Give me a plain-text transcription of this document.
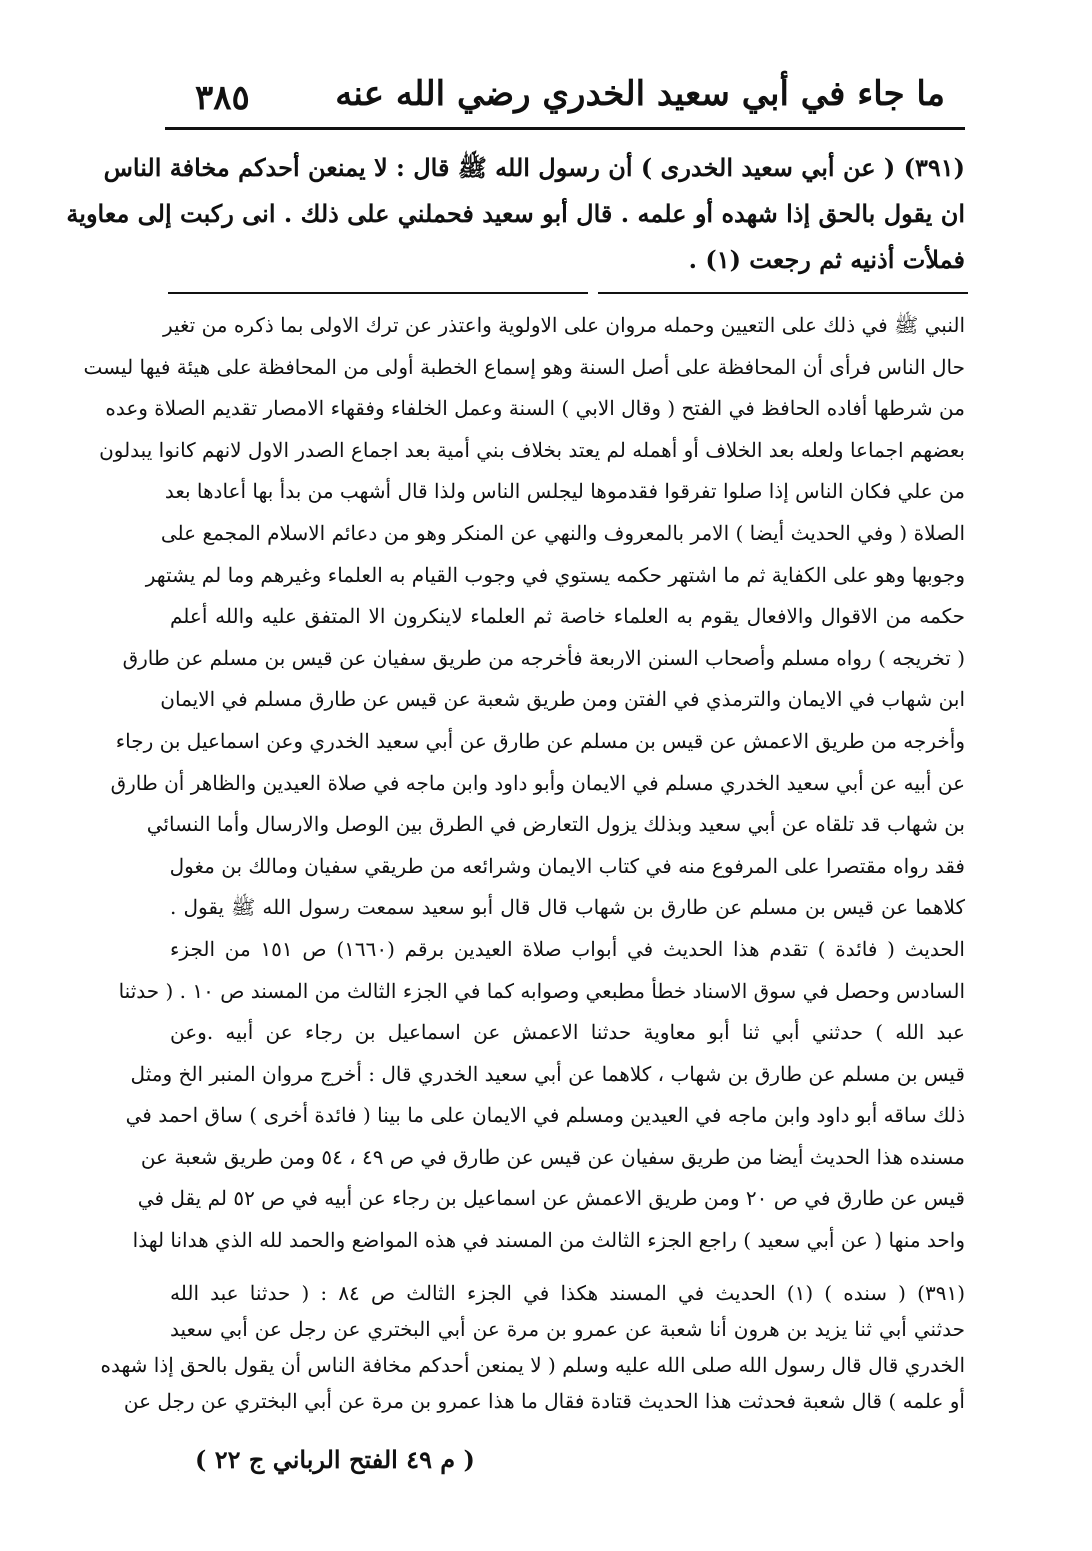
٣٨٥	ما جاء في أبي سعيد الخدري رضي الله عنه

(٣٩١) ( عن أبي سعيد الخدرى ) أن رسول الله ﷺ قال : لا يمنعن أحدكم مخافة الناس

ان يقول بالحق إذا شهده أو علمه . قال أبو سعيد فحملني على ذلك . انى ركبت إلى معاوية

فملأت أذنيه ثم رجعت (١) .

النبي ﷺ في ذلك على التعيين وحمله مروان على الاولوية واعتذر عن ترك الاولى بما ذكره من تغير

حال الناس فرأى أن المحافظة على أصل السنة وهو إسماع الخطبة أولى من المحافظة على هيئة فيها ليست

من شرطها أفاده الحافظ في الفتح ( وقال الابي ) السنة وعمل الخلفاء وفقهاء الامصار تقديم الصلاة وعده

بعضهم اجماعا ولعله بعد الخلاف أو أهمله لم يعتد بخلاف بني أمية بعد اجماع الصدر الاول لانهم كانوا يبدلون

من علي فكان الناس إذا صلوا تفرقوا فقدموها ليجلس الناس ولذا قال أشهب من بدأ بها أعادها بعد

الصلاة ( وفي الحديث أيضا ) الامر بالمعروف والنهي عن المنكر وهو من دعائم الاسلام المجمع على

وجوبها وهو على الكفاية ثم ما اشتهر حكمه يستوي في وجوب القيام به العلماء وغيرهم وما لم يشتهر

حكمه من الاقوال والافعال يقوم به العلماء خاصة ثم العلماء لاينكرون الا المتفق عليه والله أعلم

( تخريجه ) رواه مسلم وأصحاب السنن الاربعة فأخرجه من طريق سفيان عن قيس بن مسلم عن طارق

ابن شهاب في الايمان والترمذي في الفتن ومن طريق شعبة عن قيس عن طارق مسلم في الايمان

وأخرجه من طريق الاعمش عن قيس بن مسلم عن طارق عن أبي سعيد الخدري وعن اسماعيل بن رجاء

عن أبيه عن أبي سعيد الخدري مسلم في الايمان وأبو داود وابن ماجه في صلاة العيدين والظاهر أن طارق

بن شهاب قد تلقاه عن أبي سعيد وبذلك يزول التعارض في الطرق بين الوصل والارسال وأما النسائي

فقد رواه مقتصرا على المرفوع منه في كتاب الايمان وشرائعه من طريقي سفيان ومالك بن مغول

كلاهما عن قيس بن مسلم عن طارق بن شهاب قال قال أبو سعيد سمعت رسول الله ﷺ يقول .

الحديث ( فائدة ) تقدم هذا الحديث في أبواب صلاة العيدين برقم (١٦٦٠) ص ١٥١ من الجزء

السادس وحصل في سوق الاسناد خطأ مطبعي وصوابه كما في الجزء الثالث من المسند ص ١٠ . ( حدثنا

عبد الله ) حدثني أبي ثنا أبو معاوية حدثنا الاعمش عن اسماعيل بن رجاء عن أبيه .وعن

قيس بن مسلم عن طارق بن شهاب ، كلاهما عن أبي سعيد الخدري قال : أخرج مروان المنبر الخ ومثل

ذلك ساقه أبو داود وابن ماجه في العيدين ومسلم في الايمان على ما بينا ( فائدة أخرى ) ساق احمد في

مسنده هذا الحديث أيضا من طريق سفيان عن قيس عن طارق في ص ٤٩ ، ٥٤ ومن طريق شعبة عن

قيس عن طارق في ص ٢٠ ومن طريق الاعمش عن اسماعيل بن رجاء عن أبيه في ص ٥٢ لم يقل في

واحد منها ( عن أبي سعيد ) راجع الجزء الثالث من المسند في هذه المواضع والحمد لله الذي هدانا لهذا

(٣٩١) ( سنده ) (١) الحديث في المسند هكذا في الجزء الثالث ص ٨٤ : ( حدثنا عبد الله

حدثني أبي ثنا يزيد بن هرون أنا شعبة عن عمرو بن مرة عن أبي البختري عن رجل عن أبي سعيد

الخدري قال قال رسول الله صلى الله عليه وسلم ( لا يمنعن أحدكم مخافة الناس أن يقول بالحق إذا شهده

أو علمه ) قال شعبة فحدثت هذا الحديث قتادة فقال ما هذا عمرو بن مرة عن أبي البختري عن رجل عن

( م ٤٩ الفتح الرباني ج ٢٢ )
